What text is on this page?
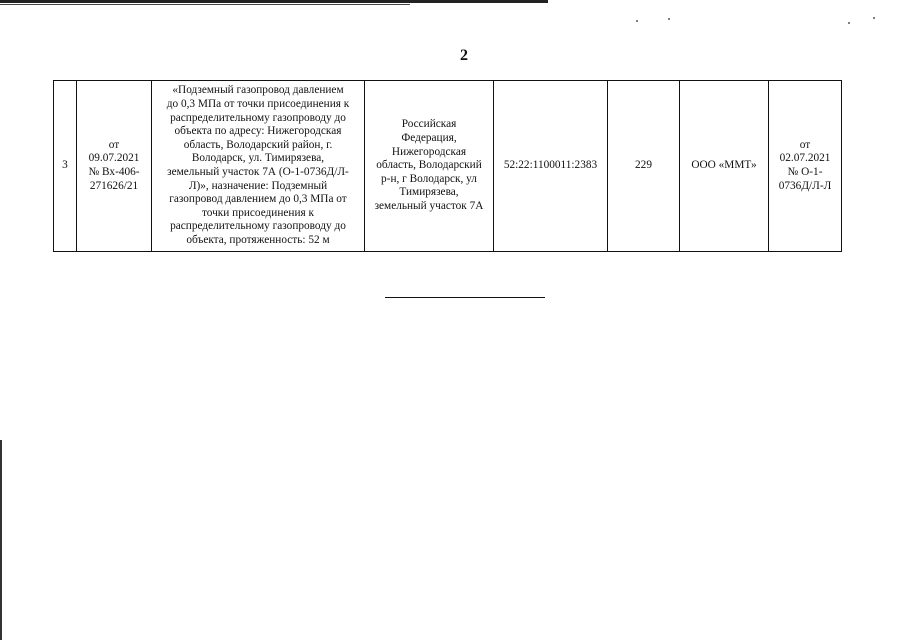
2
3	от
09.07.2021
№ Вх-406-
271626/21	«Подземный газопровод давлением
до 0,3 МПа от точки присоединения к
распределительному газопроводу до
объекта по адресу: Нижегородская
область, Володарский район, г.
Володарск, ул. Тимирязева,
земельный участок 7А (О-1-0736Д/Л-
Л)», назначение: Подземный
газопровод давлением до 0,3 МПа от
точки присоединения к
распределительному газопроводу до
объекта, протяженность: 52 м	Российская
Федерация,
Нижегородская
область, Володарский
р-н, г Володарск, ул
Тимирязева,
земельный участок 7А	52:22:1100011:2383	229	ООО «ММТ»	от
02.07.2021
№ О-1-
0736Д/Л-Л
